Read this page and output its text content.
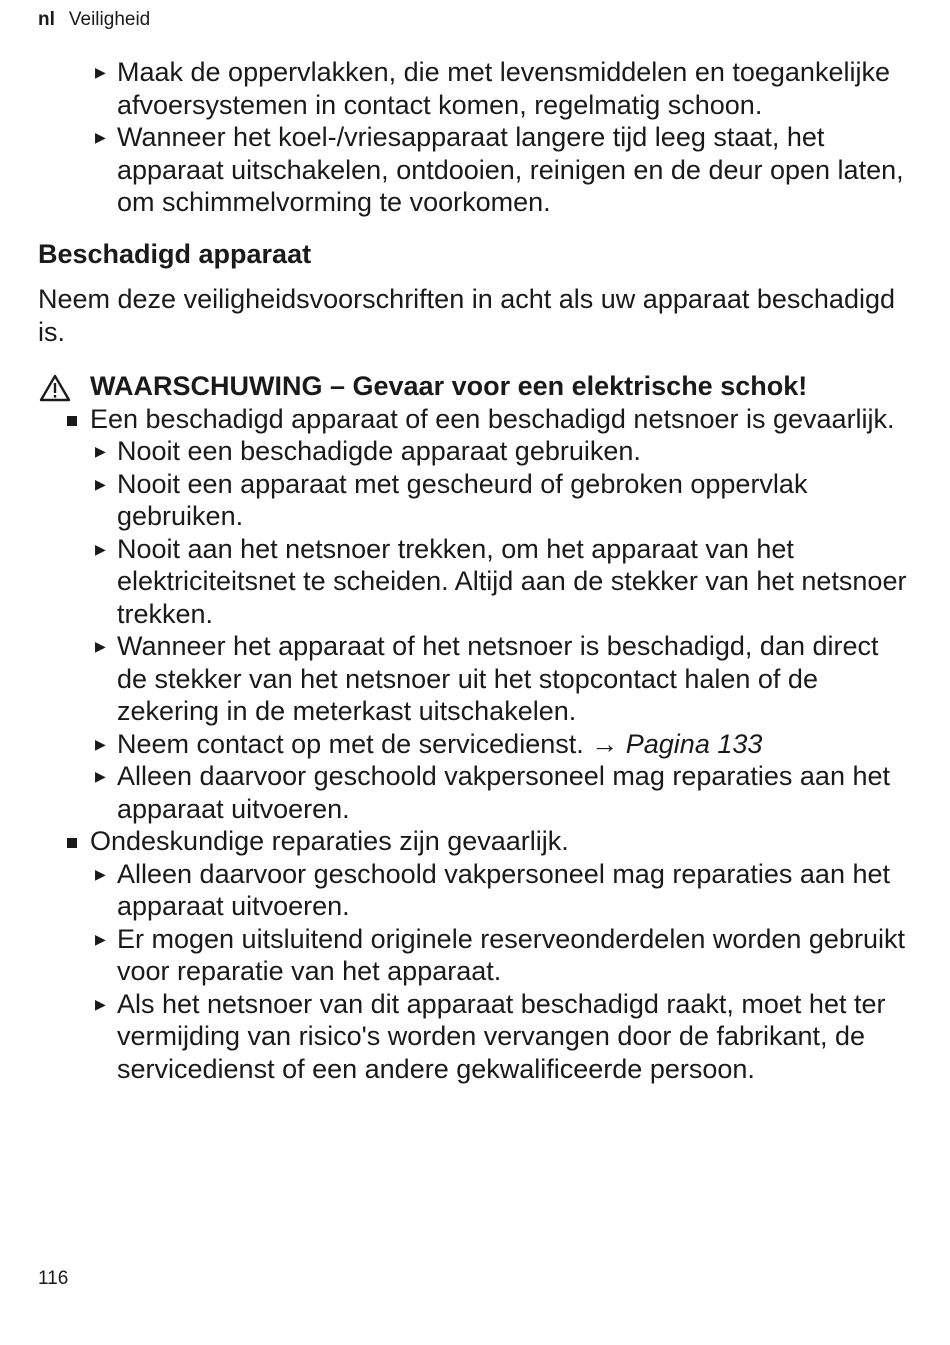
nl Veiligheid
▶ Maak de oppervlakken, die met levensmiddelen en toegankelijke afvoersystemen in contact komen, regelmatig schoon.
▶ Wanneer het koel-/vriesapparaat langere tijd leeg staat, het apparaat uitschakelen, ontdooien, reinigen en de deur open laten, om schimmelvorming te voorkomen.
Beschadigd apparaat
Neem deze veiligheidsvoorschriften in acht als uw apparaat beschadigd is.
WAARSCHUWING – Gevaar voor een elektrische schok!
Een beschadigd apparaat of een beschadigd netsnoer is gevaarlijk.
▶ Nooit een beschadigde apparaat gebruiken.
▶ Nooit een apparaat met gescheurd of gebroken oppervlak gebruiken.
▶ Nooit aan het netsnoer trekken, om het apparaat van het elektriciteitsnet te scheiden. Altijd aan de stekker van het netsnoer trekken.
▶ Wanneer het apparaat of het netsnoer is beschadigd, dan direct de stekker van het netsnoer uit het stopcontact halen of de zekering in de meterkast uitschakelen.
▶ Neem contact op met de servicedienst. → Pagina 133
▶ Alleen daarvoor geschoold vakpersoneel mag reparaties aan het apparaat uitvoeren.
Ondeskundige reparaties zijn gevaarlijk.
▶ Alleen daarvoor geschoold vakpersoneel mag reparaties aan het apparaat uitvoeren.
▶ Er mogen uitsluitend originele reserveonderdelen worden gebruikt voor reparatie van het apparaat.
▶ Als het netsnoer van dit apparaat beschadigd raakt, moet het ter vermijding van risico's worden vervangen door de fabrikant, de servicedienst of een andere gekwalificeerde persoon.
116
